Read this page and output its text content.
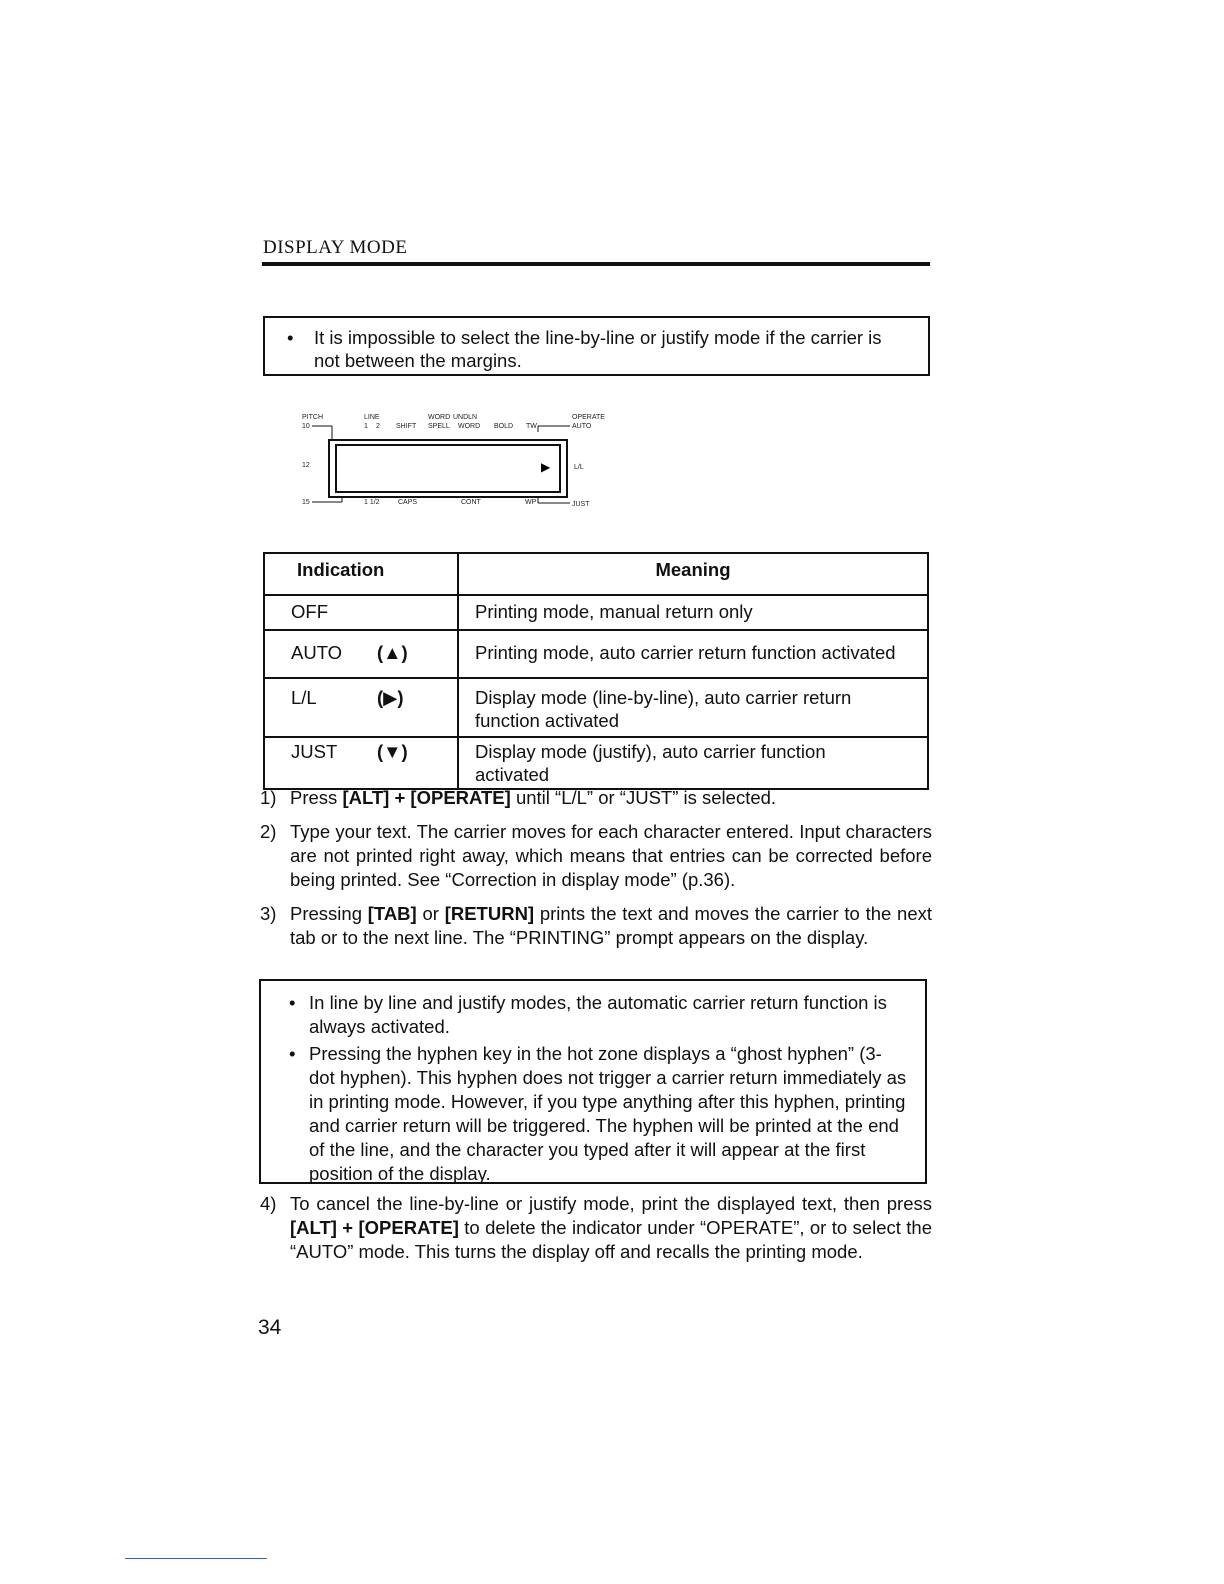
DISPLAY MODE
• It is impossible to select the line-by-line or justify mode if the carrier is
not between the margins.
PITCH	LINE	WORD UNDLN	OPERATE
10	1 2 SHIFT SPELL WORD BOLD TW	AUTO
12	L/L
15	1 1/2	CAPS	CONT	WP	JUST
▶
Indication	Meaning
OFF	Printing mode, manual return only
AUTO (▲)	Printing mode, auto carrier return function activated
L/L (▶)	Display mode (line-by-line), auto carrier return
function activated
JUST (▼)	Display mode (justify), auto carrier function
activated
1) Press [ALT] + [OPERATE] until “L/L” or “JUST” is selected.
2) Type your text. The carrier moves for each character entered. Input characters are not printed right away, which means that entries can be corrected before being printed. See “Correction in display mode” (p.36).
3) Pressing [TAB] or [RETURN] prints the text and moves the carrier to the next tab or to the next line. The “PRINTING” prompt appears on the display.
• In line by line and justify modes, the automatic carrier return function is always activated.
• Pressing the hyphen key in the hot zone displays a “ghost hyphen” (3-dot hyphen). This hyphen does not trigger a carrier return immediately as in printing mode. However, if you type anything after this hyphen, printing and carrier return will be triggered. The hyphen will be printed at the end of the line, and the character you typed after it will appear at the first position of the display.
4) To cancel the line-by-line or justify mode, print the displayed text, then press [ALT] + [OPERATE] to delete the indicator under “OPERATE”, or to select the “AUTO” mode. This turns the display off and recalls the printing mode.
34
